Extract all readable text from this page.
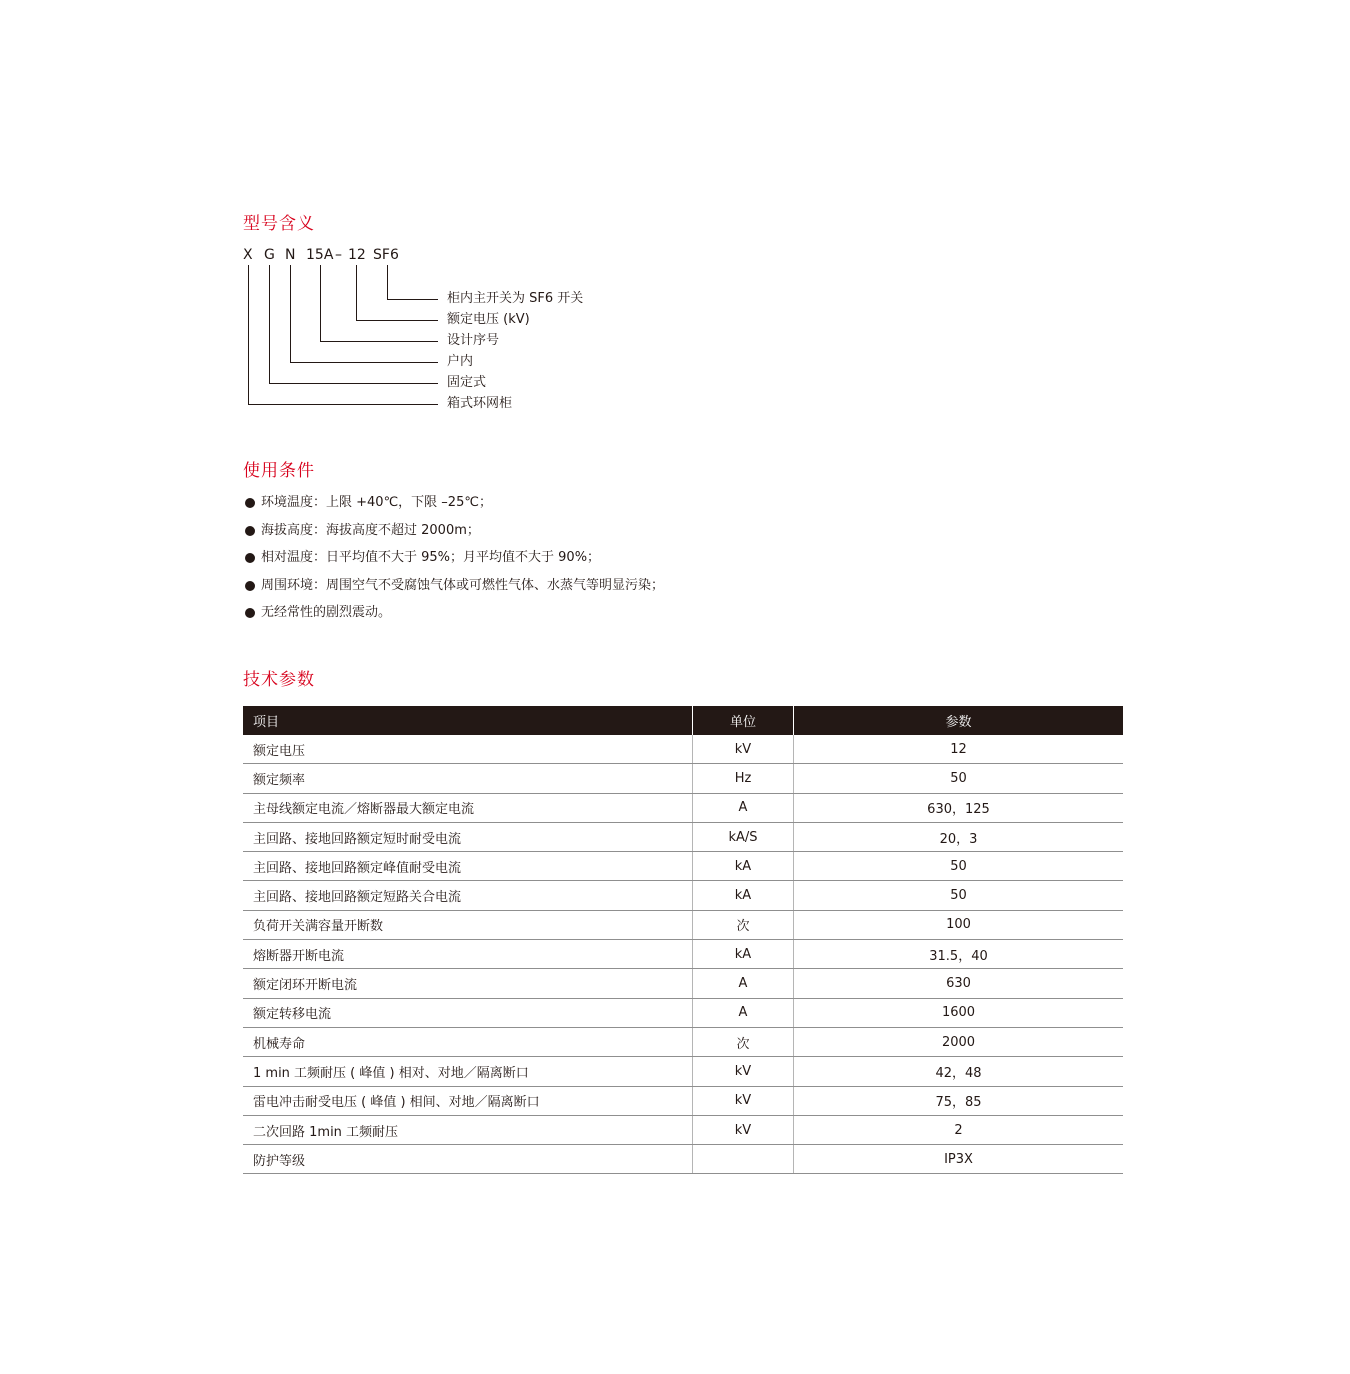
型号含义
X G N 15A – 12 SF6
柜内主开关为 SF6 开关
额定电压 (kV)
设计序号
户内
固定式
箱式环网柜
使用条件
环境温度：上限 +40℃，下限 –25℃；
海拔高度：海拔高度不超过 2000m；
相对温度：日平均值不大于 95%；月平均值不大于 90%；
周围环境：周围空气不受腐蚀气体或可燃性气体、水蒸气等明显污染；
无经常性的剧烈震动。
技术参数
项目	单位	参数
额定电压	kV	12
额定频率	Hz	50
主母线额定电流／熔断器最大额定电流	A	630，125
主回路、接地回路额定短时耐受电流	kA/S	20，3
主回路、接地回路额定峰值耐受电流	kA	50
主回路、接地回路额定短路关合电流	kA	50
负荷开关满容量开断数	次	100
熔断器开断电流	kA	31.5，40
额定闭环开断电流	A	630
额定转移电流	A	1600
机械寿命	次	2000
1 min 工频耐压 ( 峰值 ) 相对、对地／隔离断口	kV	42，48
雷电冲击耐受电压 ( 峰值 ) 相间、对地／隔离断口	kV	75，85
二次回路 1min 工频耐压	kV	2
防护等级		IP3X
